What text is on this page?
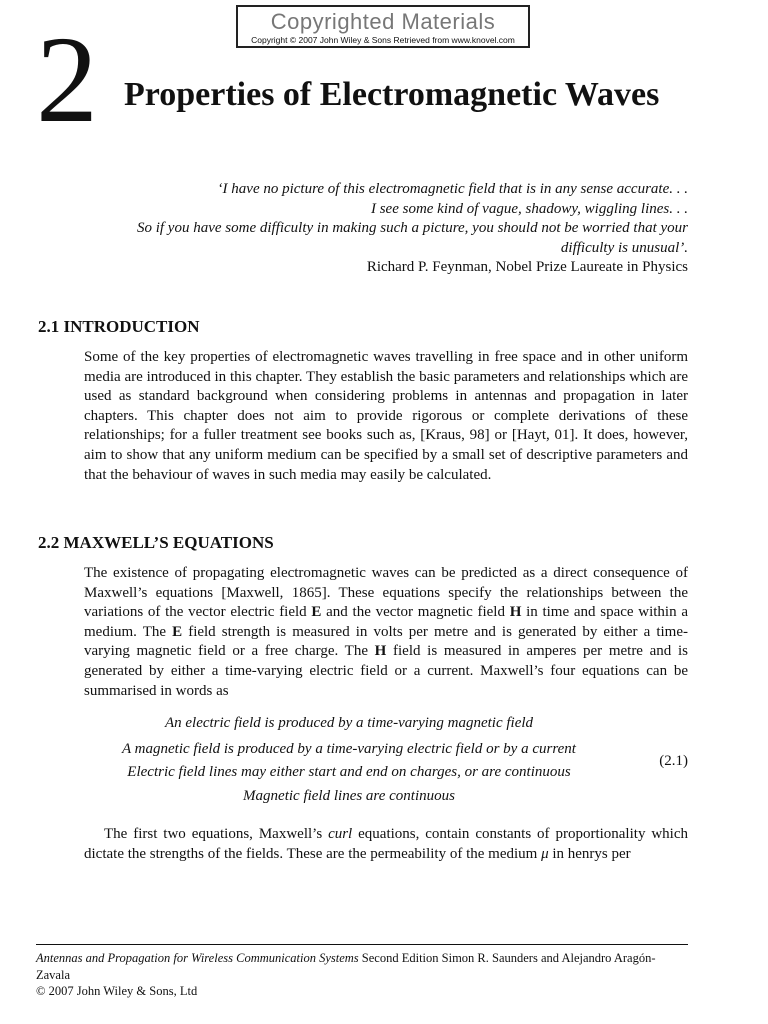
Copyrighted Materials
Copyright © 2007 John Wiley & Sons Retrieved from www.knovel.com
2 Properties of Electromagnetic Waves
‘I have no picture of this electromagnetic field that is in any sense accurate. . .
I see some kind of vague, shadowy, wiggling lines. . .
So if you have some difficulty in making such a picture, you should not be worried that your
difficulty is unusual’.
Richard P. Feynman, Nobel Prize Laureate in Physics
2.1 INTRODUCTION
Some of the key properties of electromagnetic waves travelling in free space and in other uniform media are introduced in this chapter. They establish the basic parameters and relationships which are used as standard background when considering problems in antennas and propagation in later chapters. This chapter does not aim to provide rigorous or complete derivations of these relationships; for a fuller treatment see books such as, [Kraus, 98] or [Hayt, 01]. It does, however, aim to show that any uniform medium can be specified by a small set of descriptive parameters and that the behaviour of waves in such media may easily be calculated.
2.2 MAXWELL’S EQUATIONS
The existence of propagating electromagnetic waves can be predicted as a direct consequence of Maxwell’s equations [Maxwell, 1865]. These equations specify the relationships between the variations of the vector electric field E and the vector magnetic field H in time and space within a medium. The E field strength is measured in volts per metre and is generated by either a time-varying magnetic field or a free charge. The H field is measured in amperes per metre and is generated by either a time-varying electric field or a current. Maxwell’s four equations can be summarised in words as
An electric field is produced by a time-varying magnetic field
A magnetic field is produced by a time-varying electric field or by a current
Electric field lines may either start and end on charges, or are continuous
Magnetic field lines are continuous
(2.1)
The first two equations, Maxwell’s curl equations, contain constants of proportionality which dictate the strengths of the fields. These are the permeability of the medium μ in henrys per
Antennas and Propagation for Wireless Communication Systems Second Edition Simon R. Saunders and Alejandro Aragón-Zavala
© 2007 John Wiley & Sons, Ltd
